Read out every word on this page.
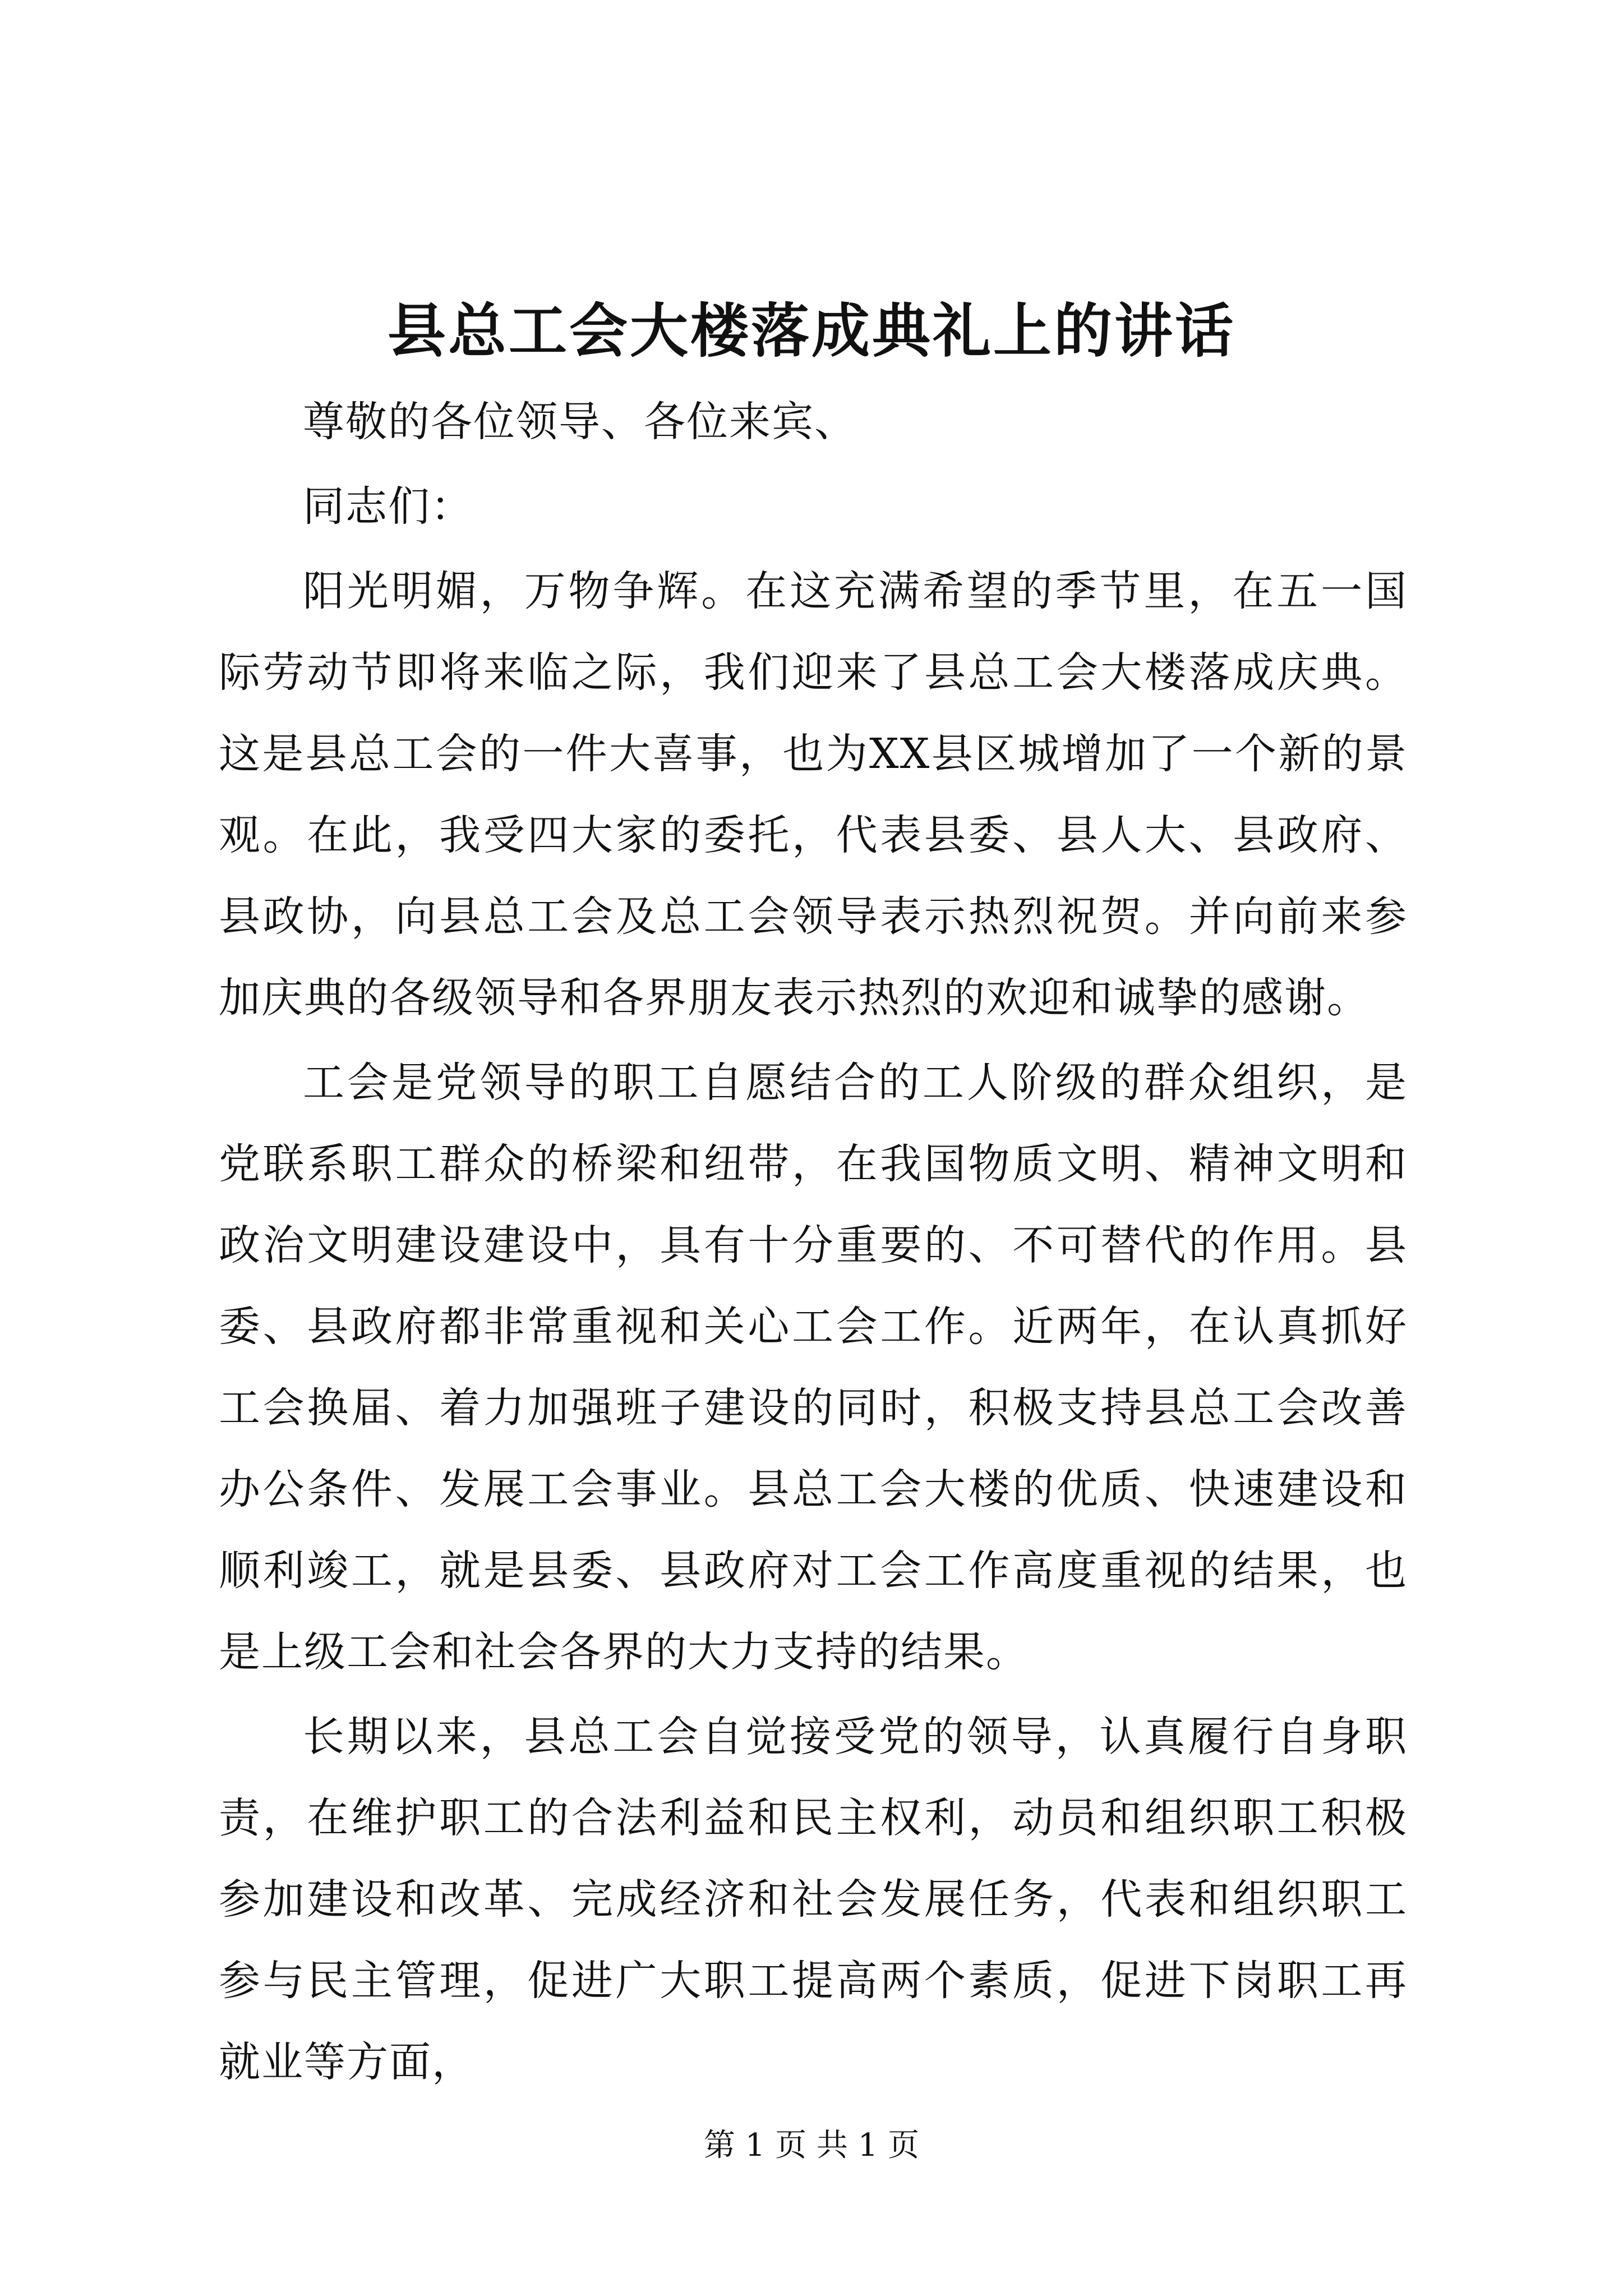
县总工会大楼落成典礼上的讲话

尊敬的各位领导、各位来宾、

同志们：

阳光明媚，万物争辉。在这充满希望的季节里，在五一国际劳动节即将来临之际，我们迎来了县总工会大楼落成庆典。这是县总工会的一件大喜事，也为XX县区城增加了一个新的景观。在此，我受四大家的委托，代表县委、县人大、县政府、县政协，向县总工会及总工会领导表示热烈祝贺。并向前来参加庆典的各级领导和各界朋友表示热烈的欢迎和诚挚的感谢。

工会是党领导的职工自愿结合的工人阶级的群众组织，是党联系职工群众的桥梁和纽带，在我国物质文明、精神文明和政治文明建设建设中，具有十分重要的、不可替代的作用。县委、县政府都非常重视和关心工会工作。近两年，在认真抓好工会换届、着力加强班子建设的同时，积极支持县总工会改善办公条件、发展工会事业。县总工会大楼的优质、快速建设和顺利竣工，就是县委、县政府对工会工作高度重视的结果，也是上级工会和社会各界的大力支持的结果。

长期以来，县总工会自觉接受党的领导，认真履行自身职责，在维护职工的合法利益和民主权利，动员和组织职工积极参加建设和改革、完成经济和社会发展任务，代表和组织职工参与民主管理，促进广大职工提高两个素质，促进下岗职工再就业等方面，

第 1 页 共 1 页
